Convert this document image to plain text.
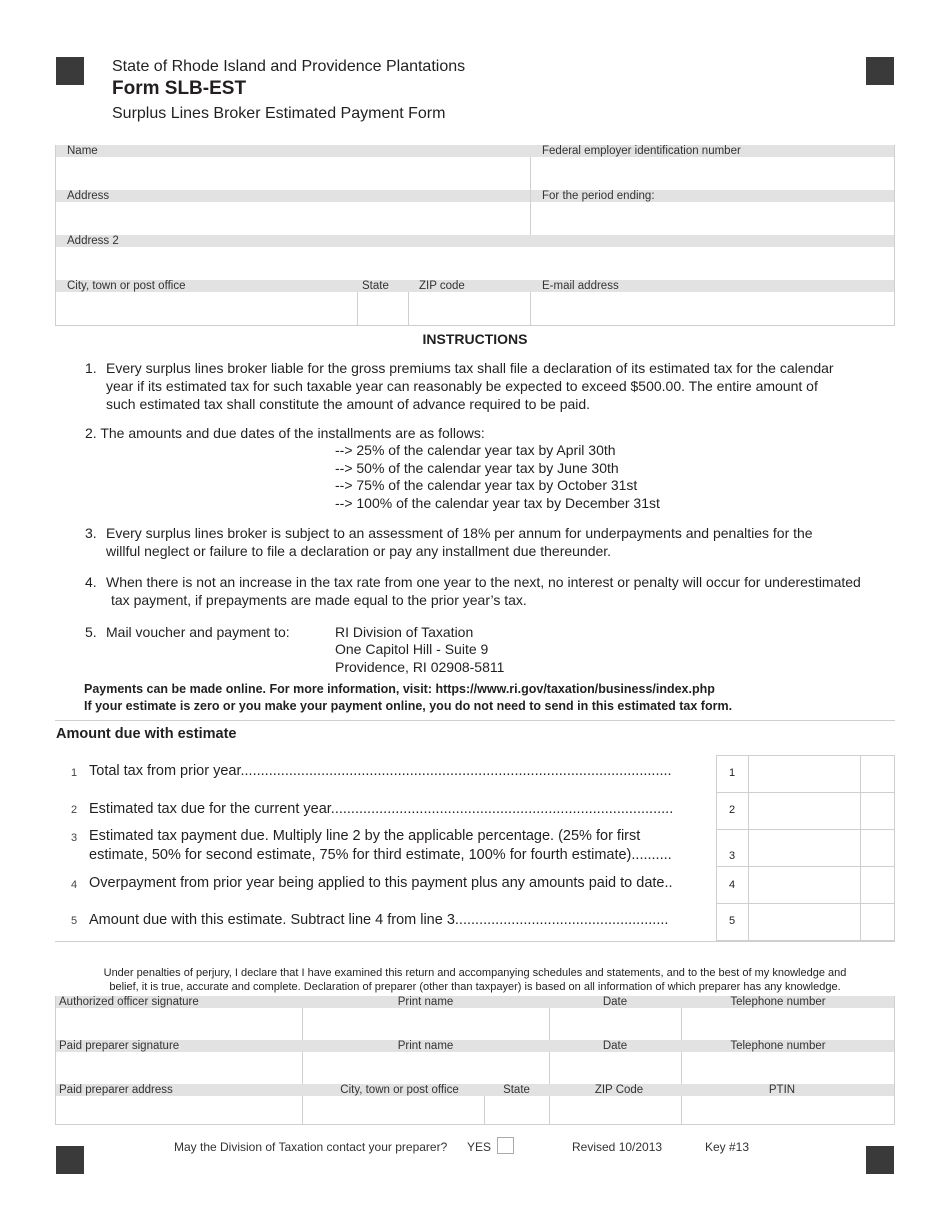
State of Rhode Island and Providence Plantations
Form SLB-EST
Surplus Lines Broker Estimated Payment Form
Name	Federal employer identification number
Address	For the period ending:
Address 2
City, town or post office	State	ZIP code	E-mail address
INSTRUCTIONS
1. Every surplus lines broker liable for the gross premiums tax shall file a declaration of its estimated tax for the calendar
year if its estimated tax for such taxable year can reasonably be expected to exceed $500.00. The entire amount of
such estimated tax shall constitute the amount of advance required to be paid.
2. The amounts and due dates of the installments are as follows:
--> 25% of the calendar year tax by April 30th
--> 50% of the calendar year tax by June 30th
--> 75% of the calendar year tax by October 31st
--> 100% of the calendar year tax by December 31st
3. Every surplus lines broker is subject to an assessment of 18% per annum for underpayments and penalties for the
willful neglect or failure to file a declaration or pay any installment due thereunder.
4. When there is not an increase in the tax rate from one year to the next, no interest or penalty will occur for underestimated
tax payment, if prepayments are made equal to the prior year’s tax.
5. Mail voucher and payment to:	RI Division of Taxation
One Capitol Hill - Suite 9
Providence, RI 02908-5811
Payments can be made online. For more information, visit: https://www.ri.gov/taxation/business/index.php
If your estimate is zero or you make your payment online, you do not need to send in this estimated tax form.
Amount due with estimate
1 Total tax from prior year...........................................................................................................
2 Estimated tax due for the current year.....................................................................................
3 Estimated tax payment due. Multiply line 2 by the applicable percentage. (25% for first
estimate, 50% for second estimate, 75% for third estimate, 100% for fourth estimate)..........
4 Overpayment from prior year being applied to this payment plus any amounts paid to date..
5 Amount due with this estimate. Subtract line 4 from line 3.....................................................
1
2
3
4
5
Under penalties of perjury, I declare that I have examined this return and accompanying schedules and statements, and to the best of my knowledge and
belief, it is true, accurate and complete. Declaration of preparer (other than taxpayer) is based on all information of which preparer has any knowledge.
Authorized officer signature	Print name	Date	Telephone number
Paid preparer signature	Print name	Date	Telephone number
Paid preparer address	City, town or post office	State	ZIP Code	PTIN
May the Division of Taxation contact your preparer? YES	Revised 10/2013	Key #13
